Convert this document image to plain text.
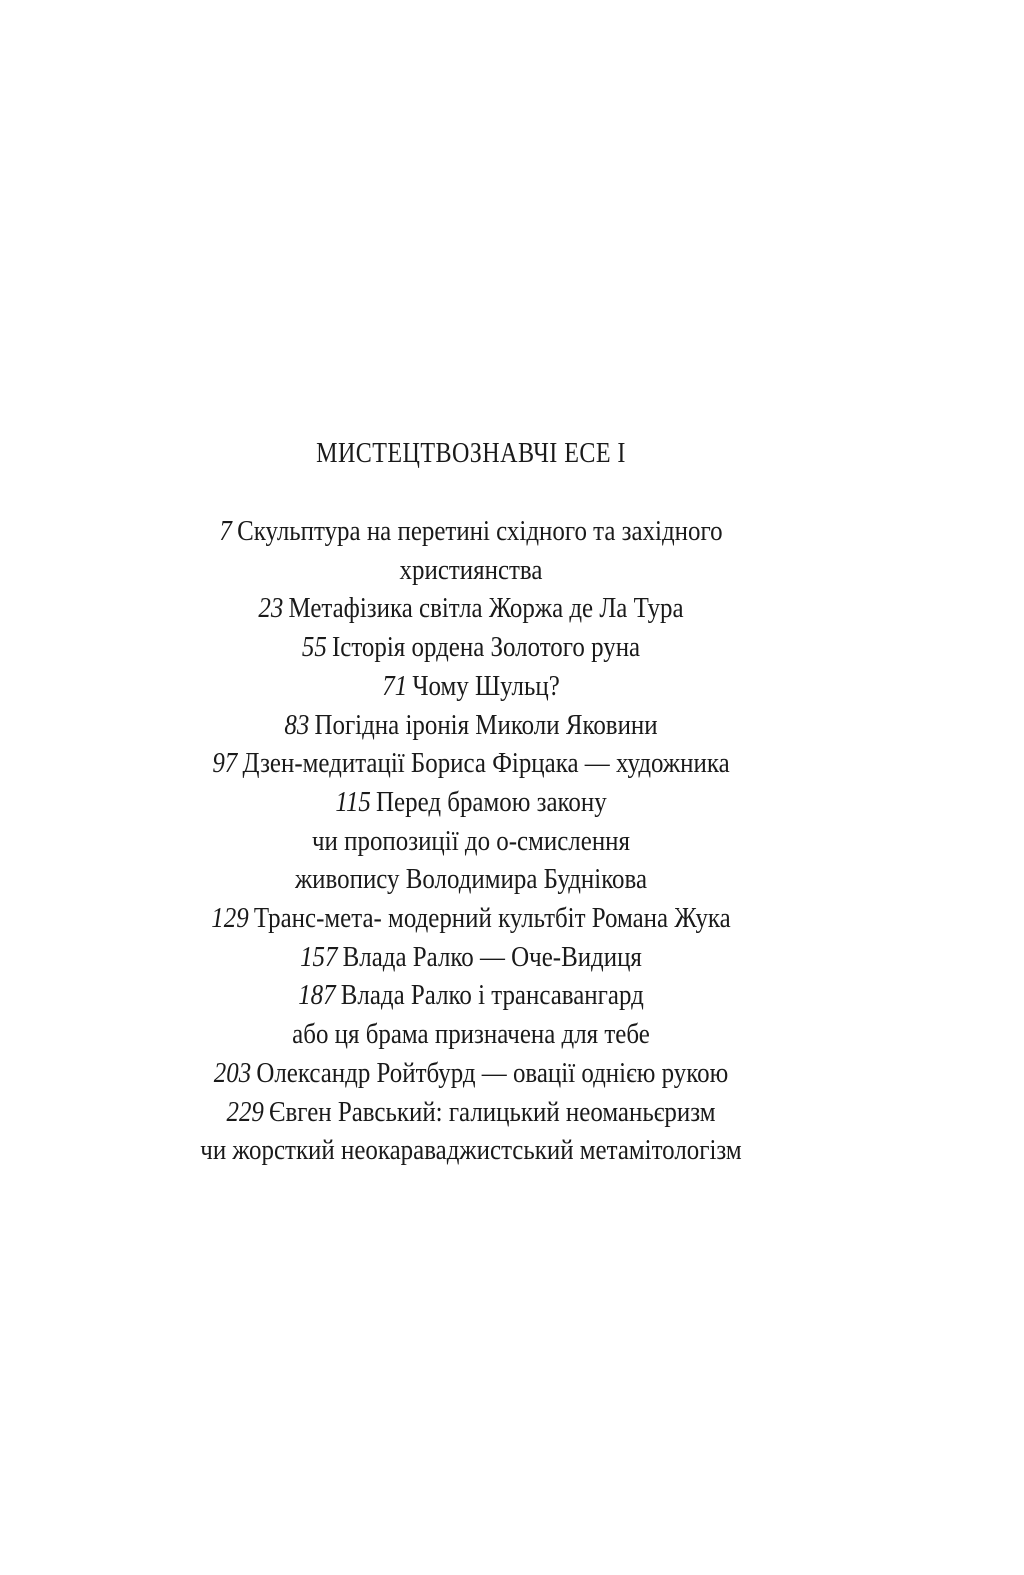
МИСТЕЦТВОЗНАВЧІ ЕСЕ І
7 Скульптура на перетині східного та західного
християнства
23 Метафізика світла Жоржа де Ла Тура
55 Історія ордена Золотого руна
71 Чому Шульц?
83 Погідна іронія Миколи Яковини
97 Дзен-медитації Бориса Фірцака — художника
115 Перед брамою закону
чи пропозиції до о-смислення
живопису Володимира Буднікова
129 Транс-мета- модерний культбіт Романа Жука
157 Влада Ралко — Оче-Видиця
187 Влада Ралко і трансавангард
або ця брама призначена для тебе
203 Олександр Ройтбурд — овації однією рукою
229 Євген Равський: галицький неоманьєризм
чи жорсткий неокараваджистський метамітологізм
